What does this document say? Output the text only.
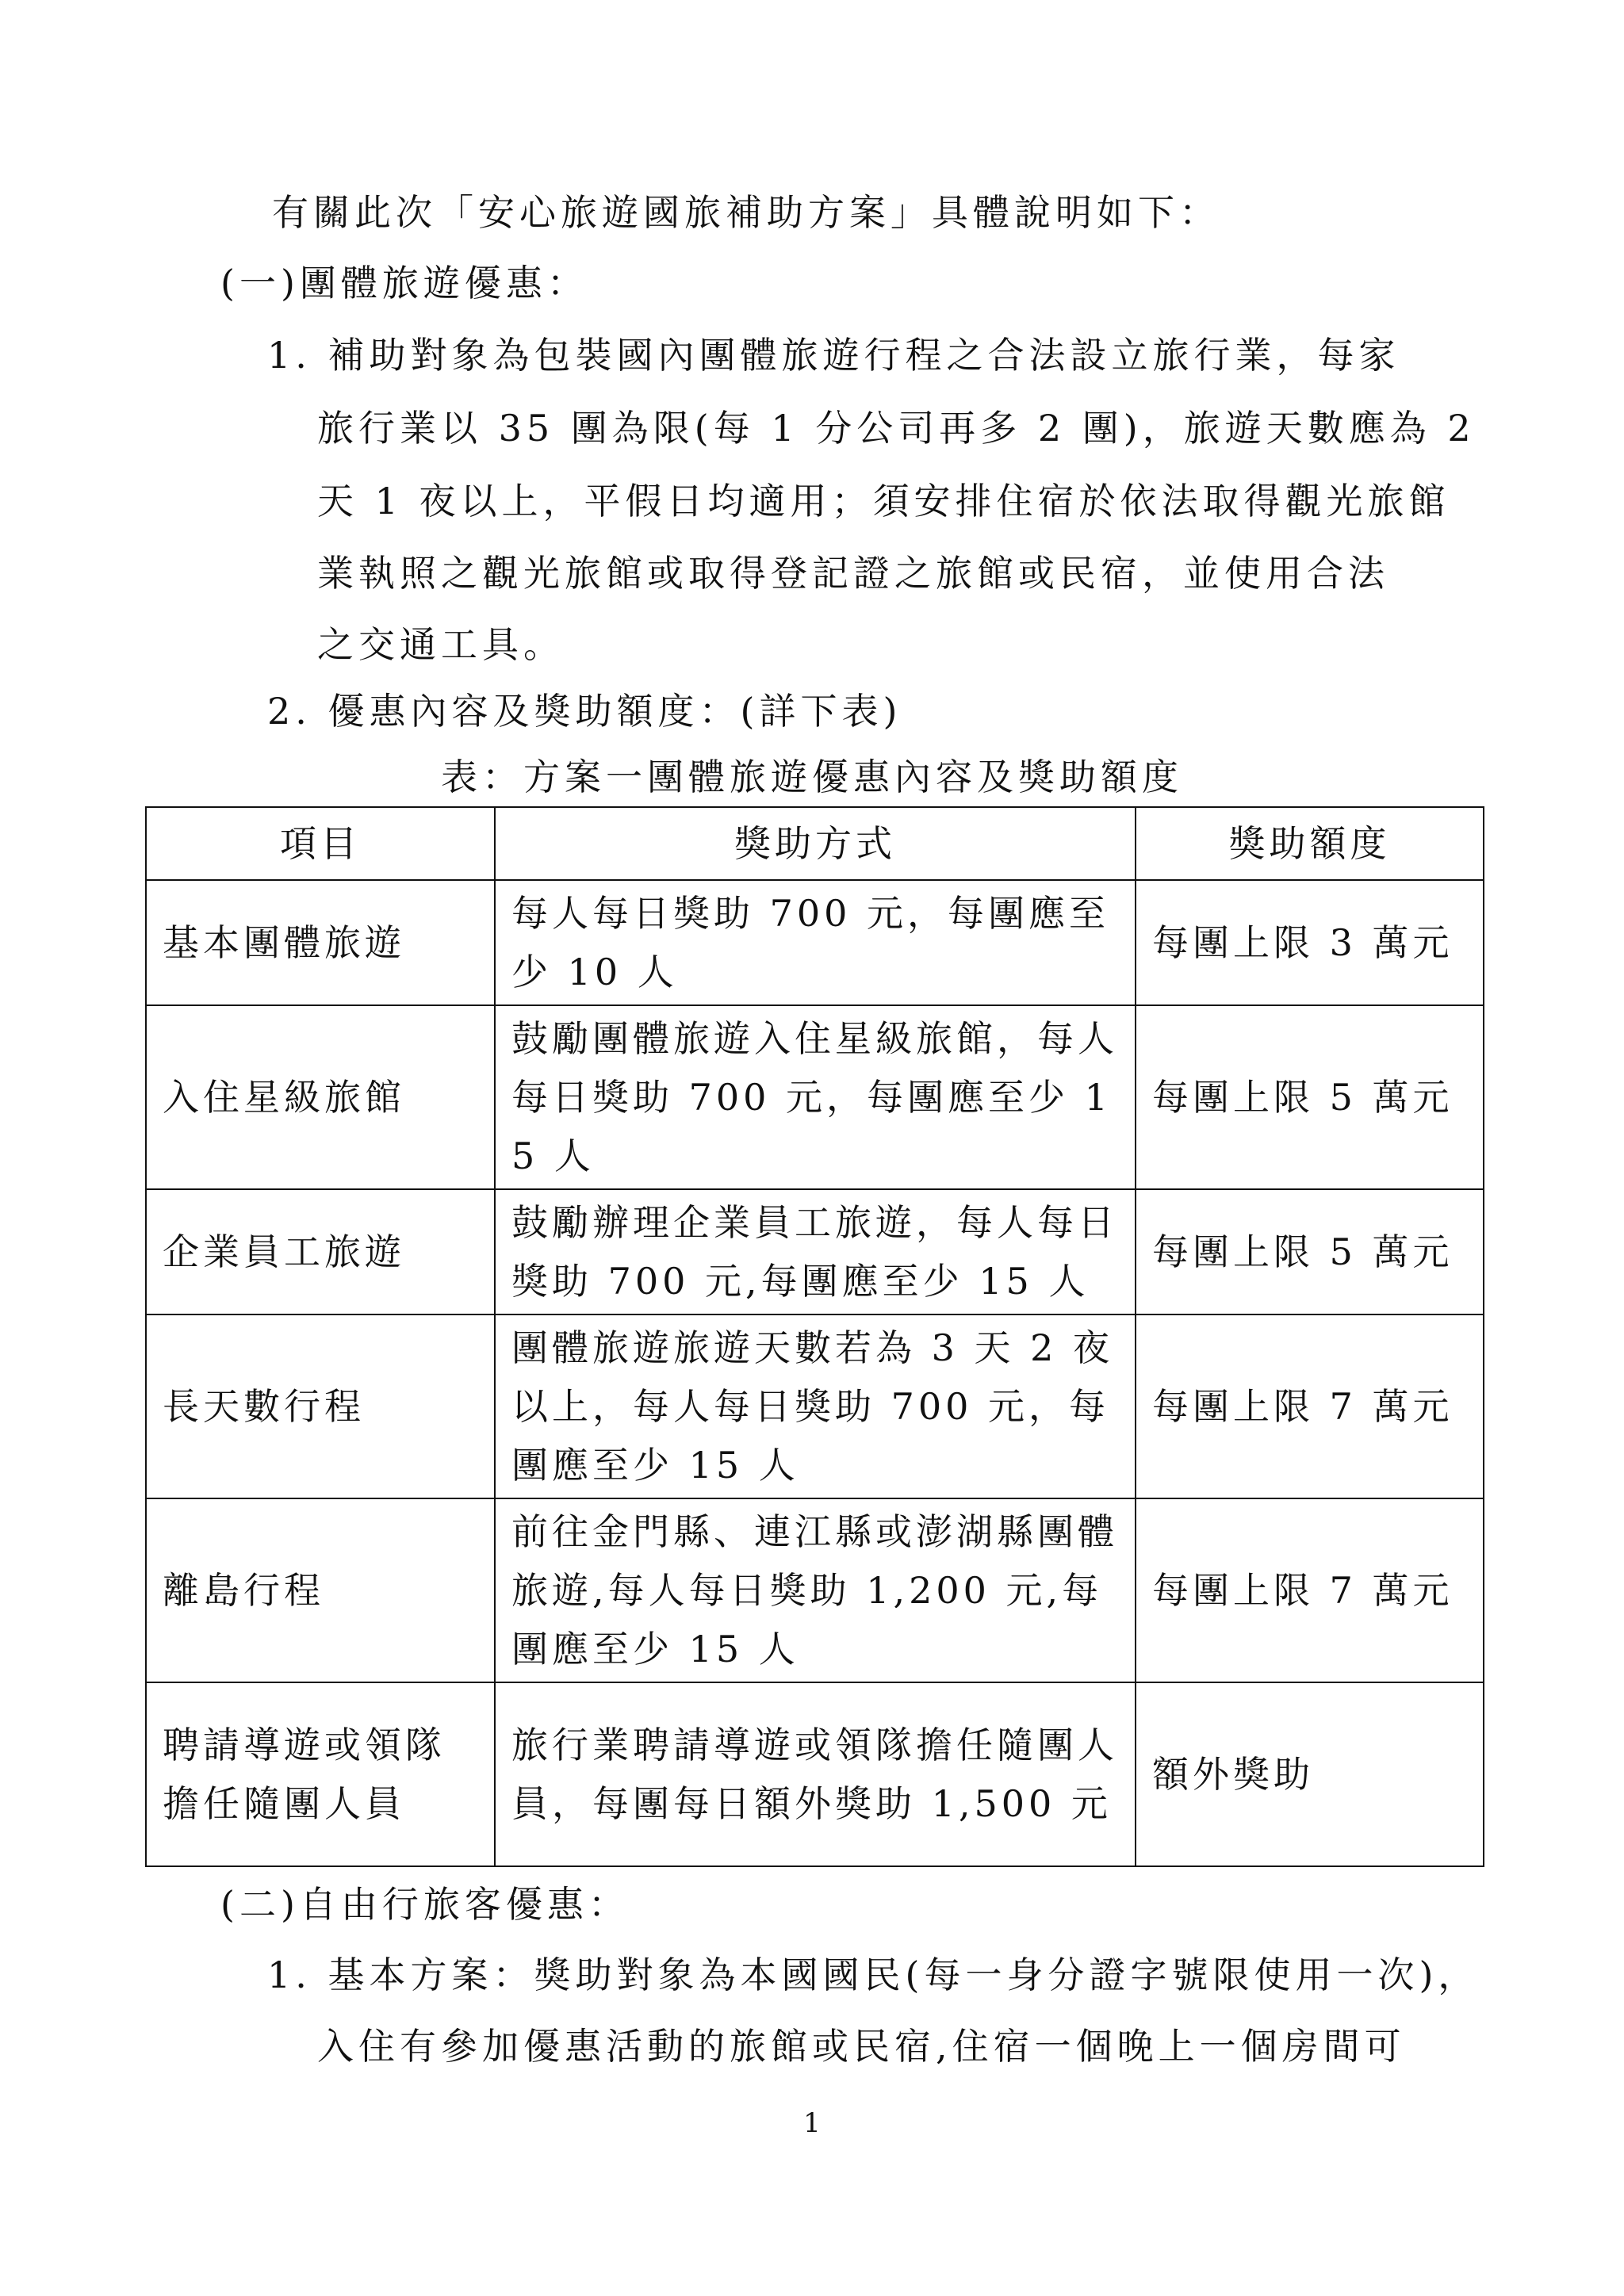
有關此次「安心旅遊國旅補助方案」具體說明如下：
(一)團體旅遊優惠：
1. 補助對象為包裝國內團體旅遊行程之合法設立旅行業，每家
旅行業以 35 團為限(每 1 分公司再多 2 團)，旅遊天數應為 2
天 1 夜以上，平假日均適用；須安排住宿於依法取得觀光旅館
業執照之觀光旅館或取得登記證之旅館或民宿，並使用合法
之交通工具。
2. 優惠內容及獎助額度：(詳下表)
表：方案一團體旅遊優惠內容及獎助額度
項目	獎助方式	獎助額度
基本團體旅遊	每人每日獎助 700 元，每團應至少 10 人	每團上限 3 萬元
入住星級旅館	鼓勵團體旅遊入住星級旅館，每人每日獎助 700 元，每團應至少 15 人	每團上限 5 萬元
企業員工旅遊	鼓勵辦理企業員工旅遊，每人每日獎助 700 元,每團應至少 15 人	每團上限 5 萬元
長天數行程	團體旅遊旅遊天數若為 3 天 2 夜以上，每人每日獎助 700 元，每團應至少 15 人	每團上限 7 萬元
離島行程	前往金門縣、連江縣或澎湖縣團體旅遊,每人每日獎助 1,200 元,每團應至少 15 人	每團上限 7 萬元
聘請導遊或領隊擔任隨團人員	旅行業聘請導遊或領隊擔任隨團人員，每團每日額外獎助 1,500 元	額外獎助
(二)自由行旅客優惠：
1. 基本方案：獎助對象為本國國民(每一身分證字號限使用一次)，
入住有參加優惠活動的旅館或民宿,住宿一個晚上一個房間可
1
